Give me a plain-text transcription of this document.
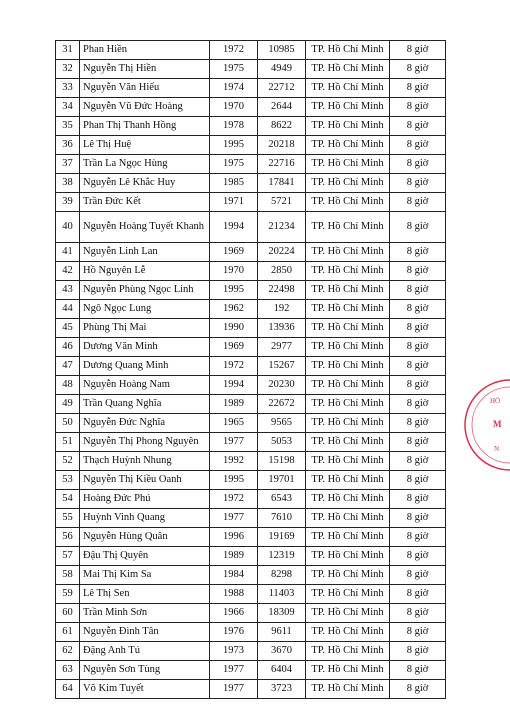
31	Phan Hiền	1972	10985	TP. Hồ Chí Minh	8 giờ
32	Nguyễn Thị Hiền	1975	4949	TP. Hồ Chí Minh	8 giờ
33	Nguyễn Văn Hiếu	1974	22712	TP. Hồ Chí Minh	8 giờ
34	Nguyễn Vũ Đức Hoàng	1970	2644	TP. Hồ Chí Minh	8 giờ
35	Phan Thị Thanh Hồng	1978	8622	TP. Hồ Chí Minh	8 giờ
36	Lê Thị Huệ	1995	20218	TP. Hồ Chí Minh	8 giờ
37	Trần La Ngọc Hùng	1975	22716	TP. Hồ Chí Minh	8 giờ
38	Nguyễn Lê Khắc Huy	1985	17841	TP. Hồ Chí Minh	8 giờ
39	Trần Đức Kết	1971	5721	TP. Hồ Chí Minh	8 giờ
40	Nguyễn Hoàng Tuyết Khanh	1994	21234	TP. Hồ Chí Minh	8 giờ
41	Nguyễn Linh Lan	1969	20224	TP. Hồ Chí Minh	8 giờ
42	Hồ Nguyên Lễ	1970	2850	TP. Hồ Chí Minh	8 giờ
43	Nguyễn Phùng Ngọc Linh	1995	22498	TP. Hồ Chí Minh	8 giờ
44	Ngô Ngọc Lung	1962	192	TP. Hồ Chí Minh	8 giờ
45	Phùng Thị Mai	1990	13936	TP. Hồ Chí Minh	8 giờ
46	Dương Văn Minh	1969	2977	TP. Hồ Chí Minh	8 giờ
47	Dương Quang Minh	1972	15267	TP. Hồ Chí Minh	8 giờ
48	Nguyễn Hoàng Nam	1994	20230	TP. Hồ Chí Minh	8 giờ
49	Trần Quang Nghĩa	1989	22672	TP. Hồ Chí Minh	8 giờ
50	Nguyễn Đức Nghĩa	1965	9565	TP. Hồ Chí Minh	8 giờ
51	Nguyễn Thị Phong Nguyên	1977	5053	TP. Hồ Chí Minh	8 giờ
52	Thạch Huỳnh Nhung	1992	15198	TP. Hồ Chí Minh	8 giờ
53	Nguyễn Thị Kiều Oanh	1995	19701	TP. Hồ Chí Minh	8 giờ
54	Hoàng Đức Phú	1972	6543	TP. Hồ Chí Minh	8 giờ
55	Huỳnh Vinh Quang	1977	7610	TP. Hồ Chí Minh	8 giờ
56	Nguyễn Hùng Quân	1996	19169	TP. Hồ Chí Minh	8 giờ
57	Đậu Thị Quyên	1989	12319	TP. Hồ Chí Minh	8 giờ
58	Mai Thị Kim Sa	1984	8298	TP. Hồ Chí Minh	8 giờ
59	Lê Thị Sen	1988	11403	TP. Hồ Chí Minh	8 giờ
60	Trần Minh Sơn	1966	18309	TP. Hồ Chí Minh	8 giờ
61	Nguyễn Đình Tân	1976	9611	TP. Hồ Chí Minh	8 giờ
62	Đặng Anh Tú	1973	3670	TP. Hồ Chí Minh	8 giờ
63	Nguyễn Sơn Tùng	1977	6404	TP. Hồ Chí Minh	8 giờ
64	Võ Kim Tuyết	1977	3723	TP. Hồ Chí Minh	8 giờ
HỒ
M
N
